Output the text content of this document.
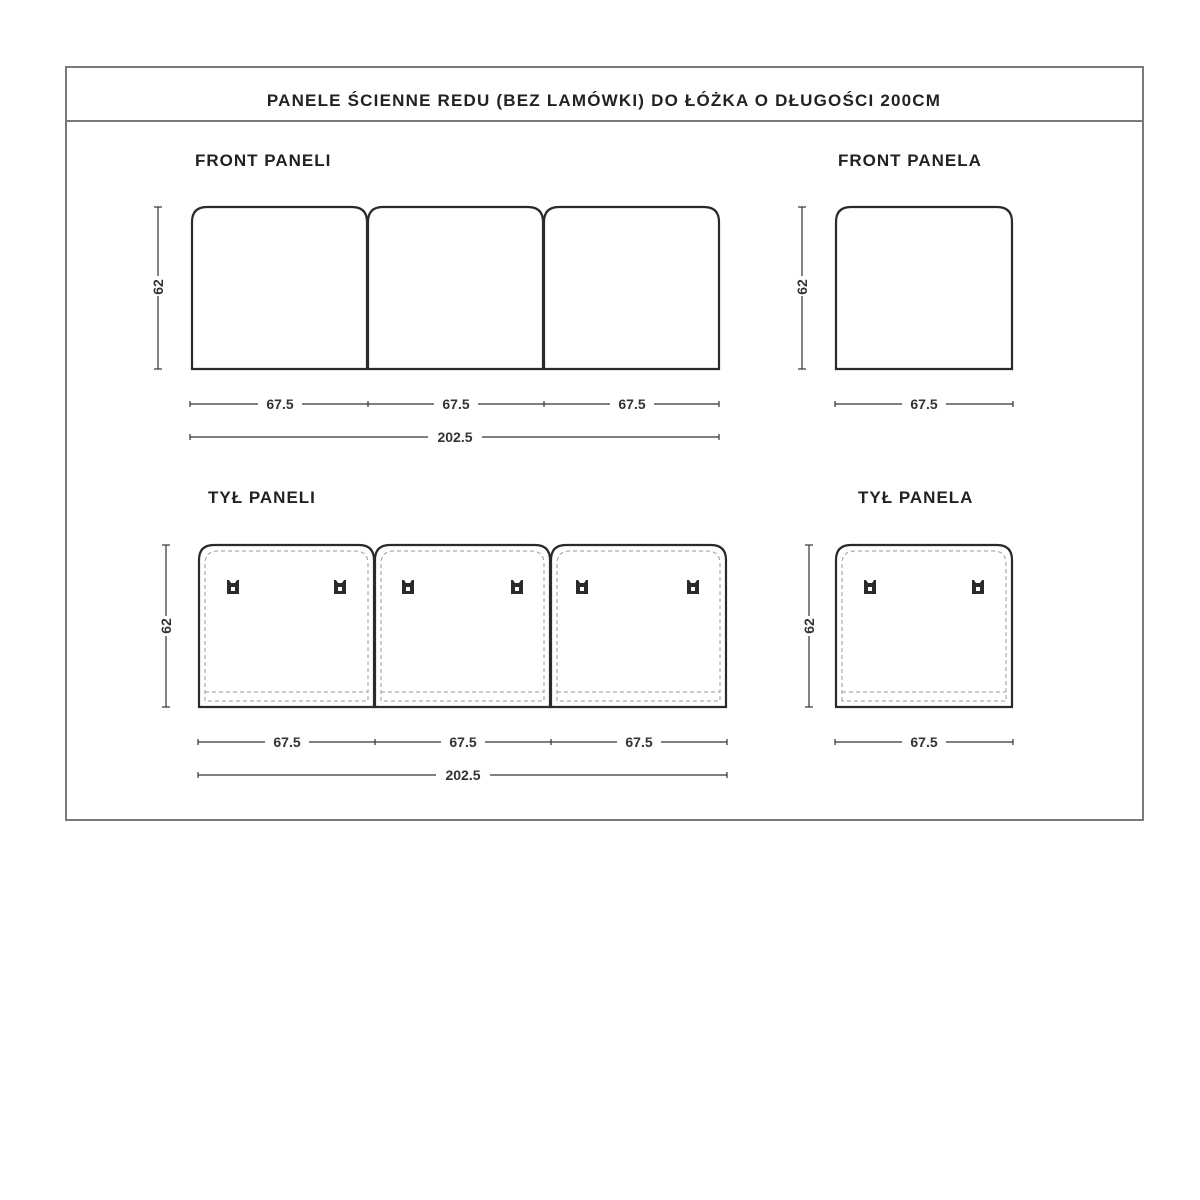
PANELE ŚCIENNE REDU (BEZ LAMÓWKI) DO ŁÓŻKA O DŁUGOŚCI 200CM
FRONT PANELI	FRONT PANELA
TYŁ PANELI	TYŁ PANELA
62
67.5	67.5	67.5
202.5
62
67.5
62
67.5	67.5	67.5
202.5
62
67.5
